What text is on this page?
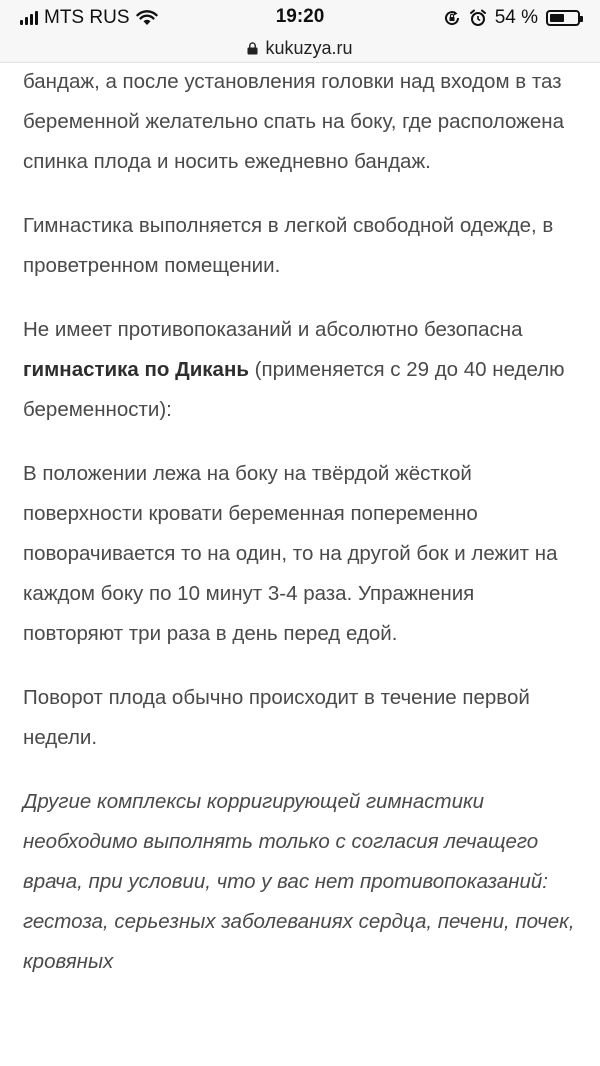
MTS RUS	19:20	54 %
kukuzya.ru

бандаж, а после установления головки над входом в таз беременной желательно спать на боку, где расположена спинка плода и носить ежедневно бандаж.

Гимнастика выполняется в легкой свободной одежде, в проветренном помещении.

Не имеет противопоказаний и абсолютно безопасна гимнастика по Дикань (применяется с 29 до 40 неделю беременности):

В положении лежа на боку на твёрдой жёсткой поверхности кровати беременная попеременно поворачивается то на один, то на другой бок и лежит на каждом боку по 10 минут 3-4 раза. Упражнения повторяют три раза в день перед едой.

Поворот плода обычно происходит в течение первой недели.

Другие комплексы корригирующей гимнастики необходимо выполнять только с согласия лечащего врача, при условии, что у вас нет противопоказаний: гестоза, серьезных заболеваниях сердца, печени, почек, кровяных
